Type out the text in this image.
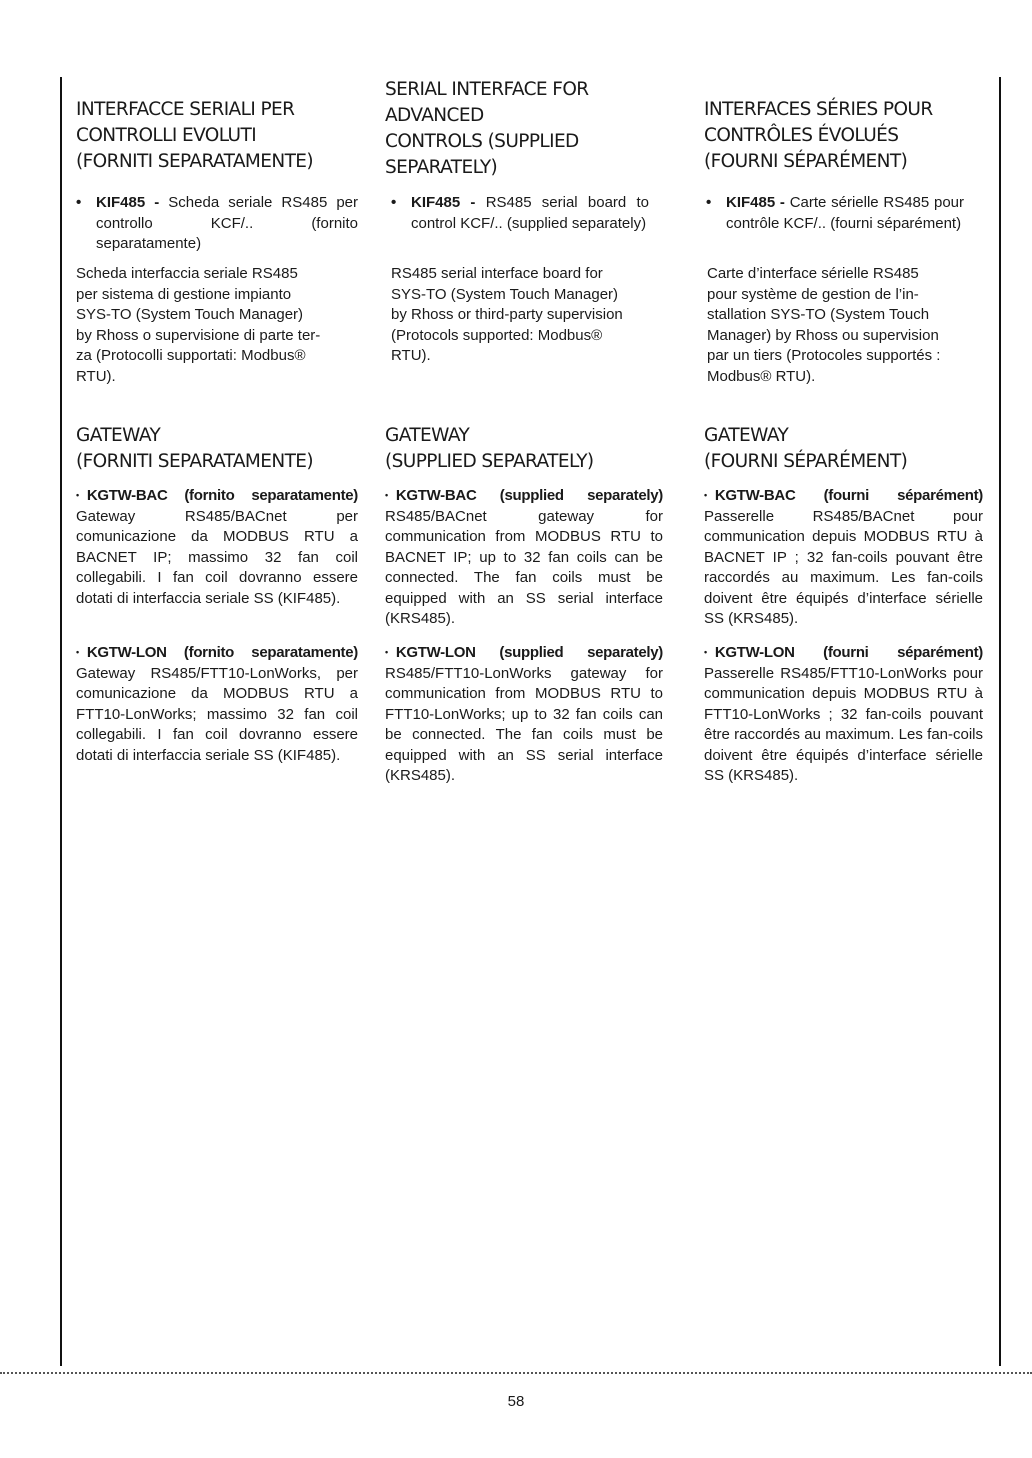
INTERFACCE SERIALI PER
CONTROLLI EVOLUTI
(FORNITI SEPARATAMENTE)
• KIF485 - Scheda seriale RS485 per controllo KCF/.. (fornito separatamente)

Scheda interfaccia seriale RS485
per sistema di gestione impianto
SYS-TO (System Touch Manager)
by Rhoss o supervisione di parte ter-
za (Protocolli supportati: Modbus®
RTU).

GATEWAY
(FORNITI SEPARATAMENTE)

• KGTW-BAC (fornito separatamente) Gateway RS485/BACnet per comunicazione da MODBUS RTU a BACNET IP; massimo 32 fan coil collegabili. I fan coil dovranno essere dotati di interfaccia seriale SS (KIF485).

• KGTW-LON (fornito separatamente) Gateway RS485/FTT10-LonWorks, per comunicazione da MODBUS RTU a FTT10-LonWorks; massimo 32 fan coil collegabili. I fan coil dovranno essere dotati di interfaccia seriale SS (KIF485).

SERIAL INTERFACE FOR
ADVANCED
CONTROLS (SUPPLIED
SEPARATELY)
• KIF485 - RS485 serial board to control KCF/.. (supplied separately)

RS485 serial interface board for
SYS-TO (System Touch Manager)
by Rhoss or third-party supervision
(Protocols supported: Modbus®
RTU).

GATEWAY
(SUPPLIED SEPARATELY)

• KGTW-BAC (supplied separately) RS485/BACnet gateway for communication from MODBUS RTU to BACNET IP; up to 32 fan coils can be connected. The fan coils must be equipped with an SS serial interface (KRS485).

• KGTW-LON (supplied separately) RS485/FTT10-LonWorks gateway for communication from MODBUS RTU to FTT10-LonWorks; up to 32 fan coils can be connected. The fan coils must be equipped with an SS serial interface (KRS485).

INTERFACES SÉRIES POUR
CONTRÔLES ÉVOLUÉS
(FOURNI SÉPARÉMENT)
• KIF485 - Carte sérielle RS485 pour contrôle KCF/.. (fourni séparément)

Carte d’interface sérielle RS485
pour système de gestion de l’in-
stallation SYS-TO (System Touch
Manager) by Rhoss ou supervision
par un tiers (Protocoles supportés :
Modbus® RTU).

GATEWAY
(FOURNI SÉPARÉMENT)

• KGTW-BAC (fourni séparément) Passerelle RS485/BACnet pour communication depuis MODBUS RTU à BACNET IP ; 32 fan-coils pouvant être raccordés au maximum. Les fan-coils doivent être équipés d’interface sérielle SS (KRS485).

• KGTW-LON (fourni séparément) Passerelle RS485/FTT10-LonWorks pour communication depuis MODBUS RTU à FTT10-LonWorks ; 32 fan-coils pouvant être raccordés au maximum. Les fan-coils doivent être équipés d’interface sérielle SS (KRS485).

58
